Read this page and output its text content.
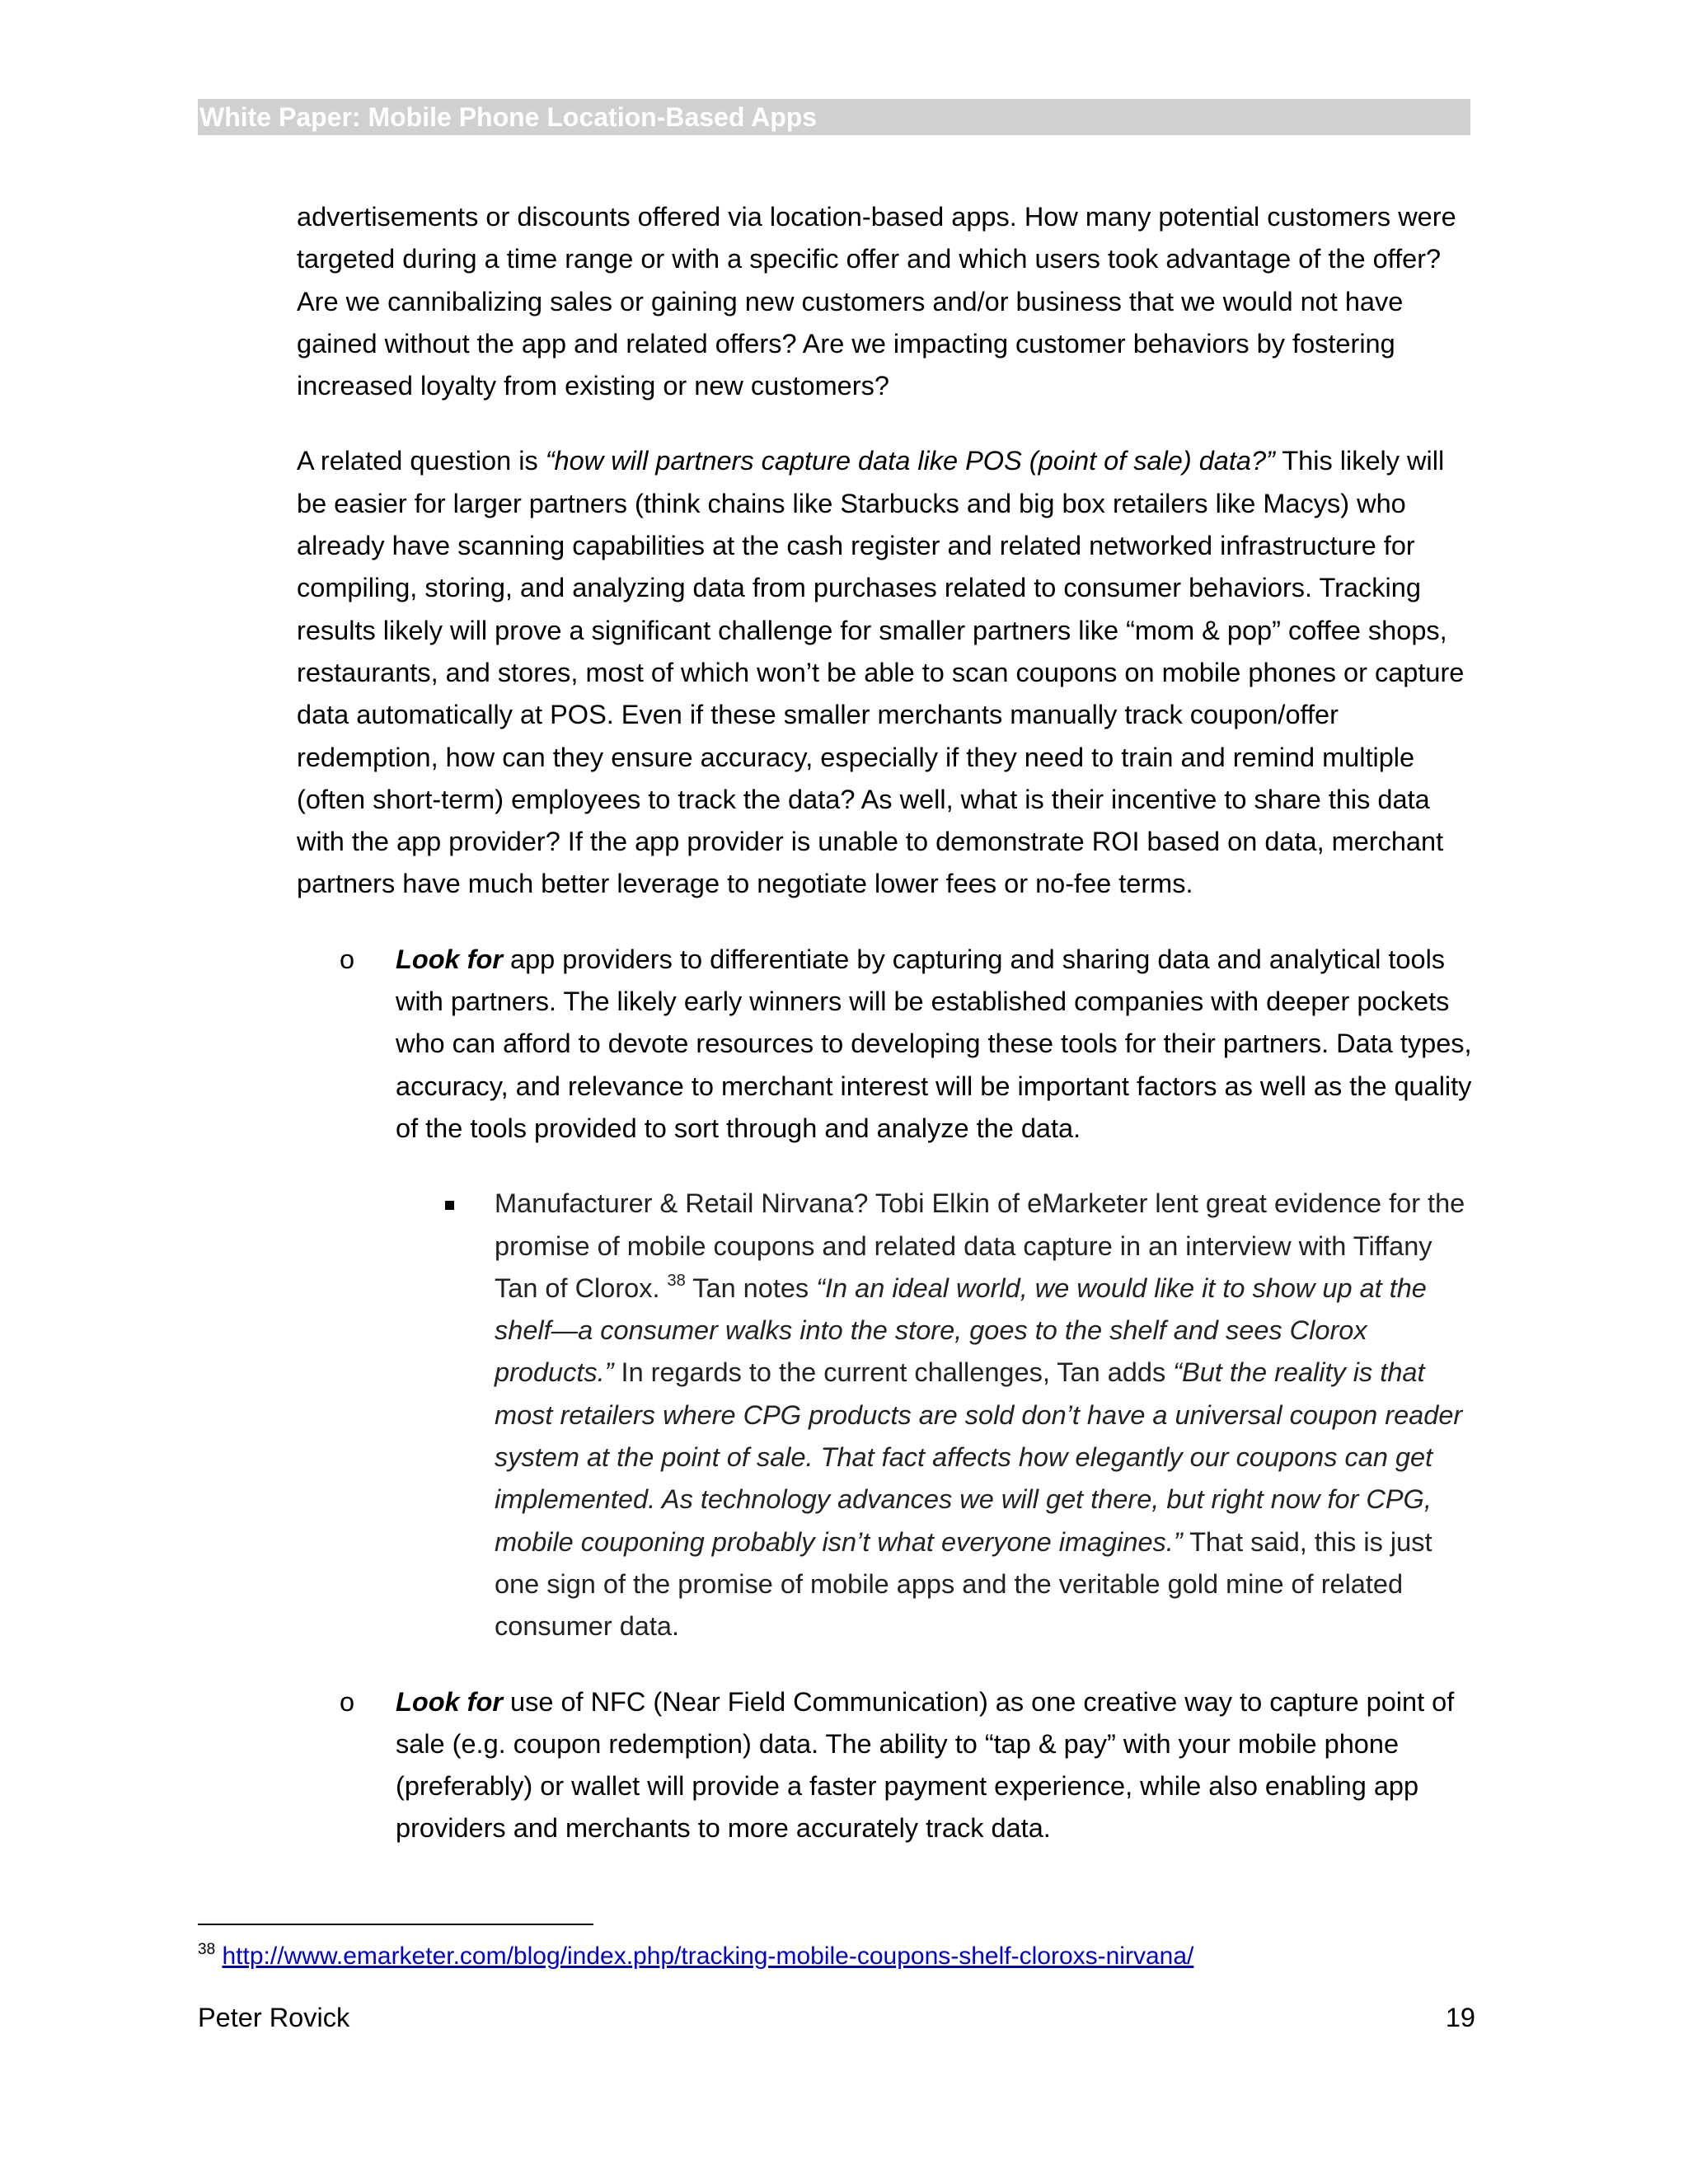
White Paper: Mobile Phone Location-Based Apps

advertisements or discounts offered via location-based apps. How many potential customers were targeted during a time range or with a specific offer and which users took advantage of the offer? Are we cannibalizing sales or gaining new customers and/or business that we would not have gained without the app and related offers? Are we impacting customer behaviors by fostering increased loyalty from existing or new customers?

A related question is “how will partners capture data like POS (point of sale) data?” This likely will be easier for larger partners (think chains like Starbucks and big box retailers like Macys) who already have scanning capabilities at the cash register and related networked infrastructure for compiling, storing, and analyzing data from purchases related to consumer behaviors. Tracking results likely will prove a significant challenge for smaller partners like “mom & pop” coffee shops, restaurants, and stores, most of which won’t be able to scan coupons on mobile phones or capture data automatically at POS. Even if these smaller merchants manually track coupon/offer redemption, how can they ensure accuracy, especially if they need to train and remind multiple (often short-term) employees to track the data? As well, what is their incentive to share this data with the app provider? If the app provider is unable to demonstrate ROI based on data, merchant partners have much better leverage to negotiate lower fees or no-fee terms.

o	Look for app providers to differentiate by capturing and sharing data and analytical tools with partners. The likely early winners will be established companies with deeper pockets who can afford to devote resources to developing these tools for their partners. Data types, accuracy, and relevance to merchant interest will be important factors as well as the quality of the tools provided to sort through and analyze the data.
Manufacturer & Retail Nirvana? Tobi Elkin of eMarketer lent great evidence for the promise of mobile coupons and related data capture in an interview with Tiffany Tan of Clorox. $^{38}$ Tan notes “In an ideal world, we would like it to show up at the shelf—a consumer walks into the store, goes to the shelf and sees Clorox products.” In regards to the current challenges, Tan adds “But the reality is that most retailers where CPG products are sold don’t have a universal coupon reader system at the point of sale. That fact affects how elegantly our coupons can get implemented. As technology advances we will get there, but right now for CPG, mobile couponing probably isn’t what everyone imagines.” That said, this is just one sign of the promise of mobile apps and the veritable gold mine of related consumer data.
o	Look for use of NFC (Near Field Communication) as one creative way to capture point of sale (e.g. coupon redemption) data. The ability to “tap & pay” with your mobile phone (preferably) or wallet will provide a faster payment experience, while also enabling app providers and merchants to more accurately track data.
$^{38}$ http://www.emarketer.com/blog/index.php/tracking-mobile-coupons-shelf-cloroxs-nirvana/
Peter Rovick	19
